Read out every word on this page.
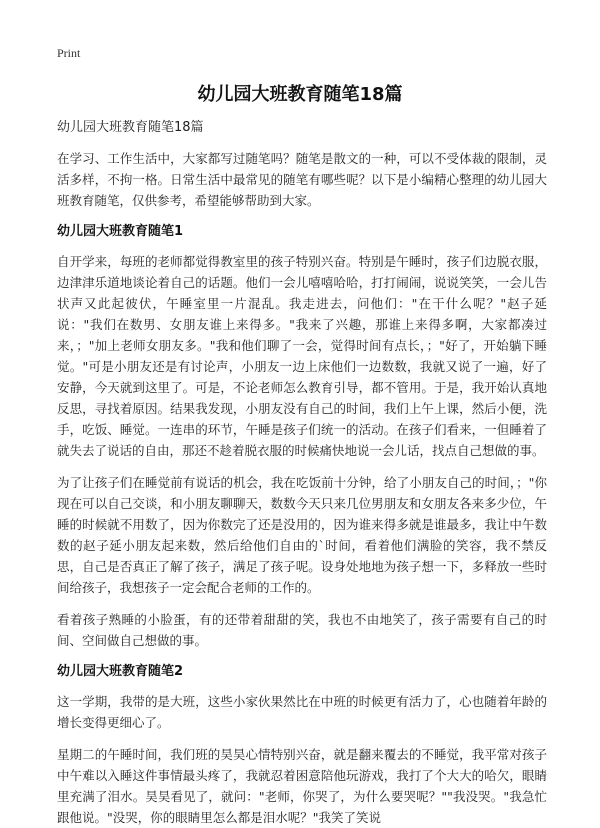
Print
幼儿园大班教育随笔18篇

幼儿园大班教育随笔18篇

在学习、工作生活中，大家都写过随笔吗？随笔是散文的一种，可以不受体裁的限制，灵活多样，不拘一格。日常生活中最常见的随笔有哪些呢？以下是小编精心整理的幼儿园大班教育随笔，仅供参考，希望能够帮助到大家。

幼儿园大班教育随笔1

自开学来，每班的老师都觉得教室里的孩子特别兴奋。特别是午睡时，孩子们边脱衣服，边津津乐道地谈论着自己的话题。他们一会儿嘻嘻哈哈，打打闹闹，说说笑笑，一会儿告状声又此起彼伏，午睡室里一片混乱。我走进去，问他们："在干什么呢？"赵子延说："我们在数男、女朋友谁上来得多。"我来了兴趣，那谁上来得多啊，大家都凑过来，；"加上老师女朋友多。"我和他们聊了一会，觉得时间有点长，；"好了，开始躺下睡觉。"可是小朋友还是有讨论声，小朋友一边上床他们一边数数，我就又说了一遍，好了安静，今天就到这里了。可是，不论老师怎么教育引导，都不管用。于是，我开始认真地反思，寻找着原因。结果我发现，小朋友没有自己的时间，我们上午上课，然后小便，洗手，吃饭、睡觉。一连串的环节，午睡是孩子们统一的活动。在孩子们看来，一但睡着了就失去了说话的自由，那还不趁着脱衣服的时候痛快地说一会儿话，找点自己想做的事。

为了让孩子们在睡觉前有说话的机会，我在吃饭前十分钟，给了小朋友自己的时间，；"你现在可以自己交谈，和小朋友聊聊天，数数今天只来几位男朋友和女朋友各来多少位，午睡的时候就不用数了，因为你数完了还是没用的，因为谁来得多就是谁最多，我让中午数数的赵子延小朋友起来数，然后给他们自由的`时间，看着他们满脸的笑容，我不禁反思，自己是否真正了解了孩子，满足了孩子呢。设身处地地为孩子想一下，多释放一些时间给孩子，我想孩子一定会配合老师的工作的。

看着孩子熟睡的小脸蛋，有的还带着甜甜的笑，我也不由地笑了，孩子需要有自己的时间、空间做自己想做的事。

幼儿园大班教育随笔2

这一学期，我带的是大班，这些小家伙果然比在中班的时候更有活力了，心也随着年龄的增长变得更细心了。

星期二的午睡时间，我们班的昊昊心情特别兴奋，就是翻来覆去的不睡觉，我平常对孩子中午难以入睡这件事情最头疼了，我就忍着困意陪他玩游戏，我打了个大大的哈欠，眼睛里充满了泪水。昊昊看见了，就问："老师，你哭了，为什么要哭呢？""我没哭。"我急忙跟他说。"没哭，你的眼睛里怎么都是泪水呢？"我笑了笑说
